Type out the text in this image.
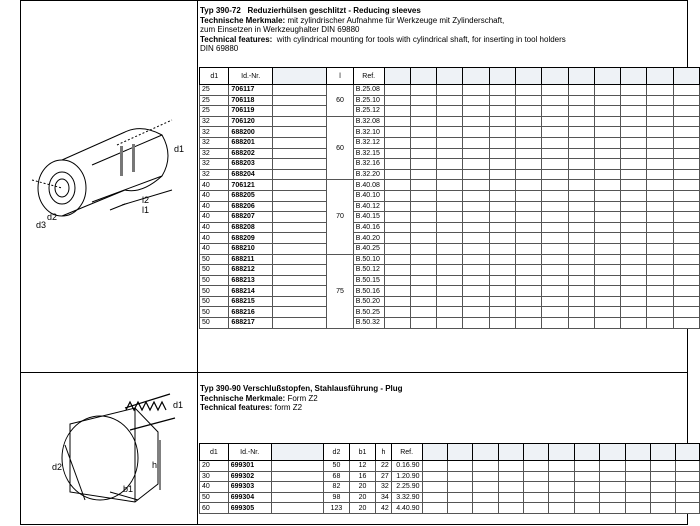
Typ 390-72 Reduzierhülsen geschlitzt - Reducing sleeves
Technische Merkmale: mit zylindrischer Aufnahme für Werkzeuge mit Zylinderschaft,
zum Einsetzen in Werkzeughalter DIN 69880
Technical features: with cylindrical mounting for tools with cylindrical shaft, for inserting in tool holders
DIN 69880
d1
d2
d3
l2
l1
d1	Id.-Nr.		l	Ref.												
25	706117		60	B.25.08												
25	706118			B.25.10												
25	706119			B.25.12												
32	706120		60	B.32.08												
32	688200			B.32.10												
32	688201			B.32.12												
32	688202			B.32.15												
32	688203			B.32.16												
32	688204			B.32.20												
40	706121		70	B.40.08												
40	688205			B.40.10												
40	688206			B.40.12												
40	688207			B.40.15												
40	688208			B.40.16												
40	688209			B.40.20												
40	688210			B.40.25												
50	688211		75	B.50.10												
50	688212			B.50.12												
50	688213			B.50.15												
50	688214			B.50.16												
50	688215			B.50.20												
50	688216			B.50.25												
50	688217			B.50.32												
Typ 390-90 Verschlußstopfen, Stahlausführung - Plug
Technische Merkmale: Form Z2
Technical features: form Z2
d1
d2	h
b1
d1	Id.-Nr.		d2	b1	h	Ref.											
20	699301		50	12	22	0.16.90											
30	699302		68	16	27	1.20.90											
40	699303		82	20	32	2.25.90											
50	699304		98	20	34	3.32.90											
60	699305		123	20	42	4.40.90											
